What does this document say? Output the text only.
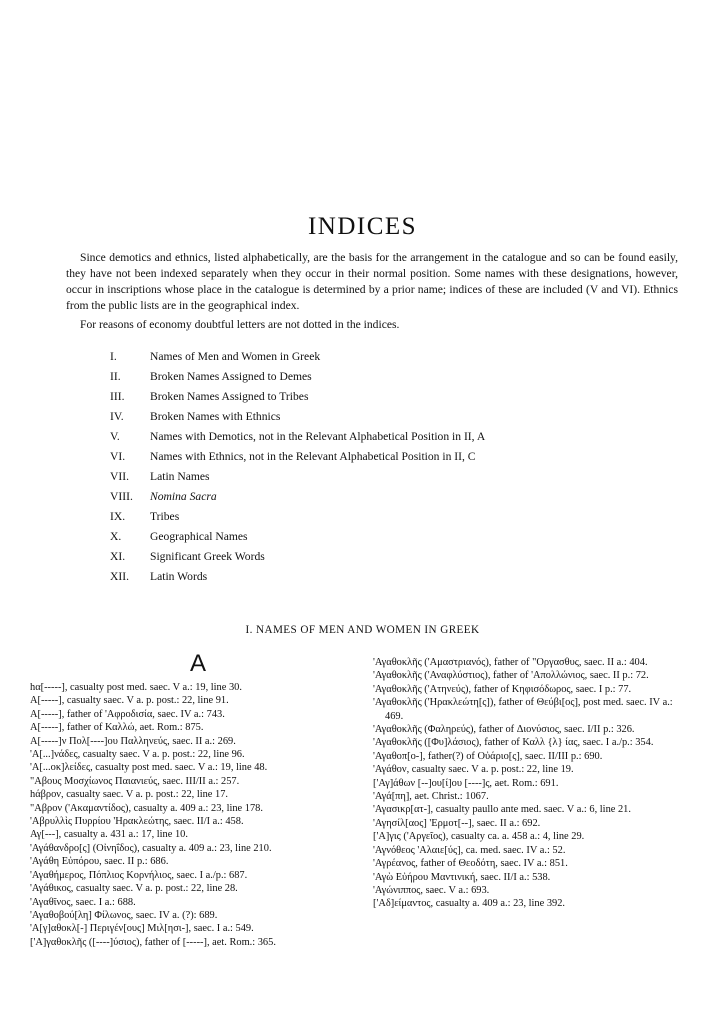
INDICES

Since demotics and ethnics, listed alphabetically, are the basis for the arrangement in the catalogue and so can be found easily, they have not been indexed separately when they occur in their normal position. Some names with these designations, however, occur in inscriptions whose place in the catalogue is determined by a prior name; indices of these are included (V and VI). Ethnics from the public lists are in the geographical index.

For reasons of economy doubtful letters are not dotted in the indices.

I.	Names of Men and Women in Greek
II.	Broken Names Assigned to Demes
III. Broken Names Assigned to Tribes
IV. Broken Names with Ethnics
V.	Names with Demotics, not in the Relevant Alphabetical Position in II, A
VI. Names with Ethnics, not in the Relevant Alphabetical Position in II, C
VII. Latin Names
VIII. Nomina Sacra
IX. Tribes
X. Geographical Names
XI. Significant Greek Words
XII. Latin Words
I. NAMES OF MEN AND WOMEN IN GREEK
A
hα[-----], casualty post med. saec. V a.: 19, line 30.
A[-----], casualty saec. V a. p. post.: 22, line 91.
A[-----], father of 'Αφροδισία, saec. IV a.: 743.
A[-----], father of Καλλώ, aet. Rom.: 875.
A[-----]ν Πολ[----]ου Παλληνεύς, saec. II a.: 269.
'A[...]νάδες, casualty saec. V a. p. post.: 22, line 96.
'A[...οκ]λείδες, casualty post med. saec. V a.: 19, line 48.
"Αβους Μοσχίωνος Παιανιεύς, saec. III/II a.: 257.
hάβρον, casualty saec. V a. p. post.: 22, line 17.
"Αβρον ('Ακαμαντίδος), casualty a. 409 a.: 23, line 178.
'Αβρυλλὶς Πυρρίου 'Ηρακλεώτης, saec. II/I a.: 458.
Αγ[---], casualty a. 431 a.: 17, line 10.
'Αγάθανδρο[ς] (Οἰνηΐδος), casualty a. 409 a.: 23, line 210.
'Αγάθη Εὐπόρου, saec. II p.: 686.
'Αγαθήμερος, Πόπλιος Κορνήλιος, saec. I a./p.: 687.
'Αγάθικος, casualty saec. V a. p. post.: 22, line 28.
'Αγαθῖνος, saec. I a.: 688.
'Αγαθοβού[λη] Φίλωνος, saec. IV a. (?): 689.
'Α[γ]αθοκλ[-] Περιγέν[ους] Μιλ[ησι-], saec. I a.: 549.
['Α]γαθοκλῆς ([----]ύσιος), father of [-----], aet. Rom.: 365.
'Αγαθοκλῆς ('Αμαστριανός), father of "Οργασθυς, saec. II a.: 404.
'Αγαθοκλῆς ('Αναφλύστιος), father of 'Απολλώνιος, saec. II p.: 72.
'Αγαθοκλῆς ('Ατηνεύς), father of Κηφισόδωρος, saec. I p.: 77.
'Αγαθοκλῆς ('Ηρακλεώτη[ς]), father of Θεύβι[ος], post med. saec. IV a.: 469.
'Αγαθοκλῆς (Φαληρεύς), father of Διονύσιος, saec. I/II p.: 326.
'Αγαθοκλῆς ([Φυ]λάσιος), father of Καλλ {λ} ίας, saec. I a./p.: 354.
'Αγαθοπ[ο-], father(?) of Οὐάριο[ς], saec. II/III p.: 690.
'Αγάθον, casualty saec. V a. p. post.: 22, line 19.
['Αγ]άθων [--]ου[ί]ου [----]ς, aet. Rom.: 691.
'Αγά[πη], aet. Christ.: 1067.
'Αγασικρ[ατ-], casualty paullo ante med. saec. V a.: 6, line 21.
'Αγησίλ[αος] 'Ερμοτ[--], saec. II a.: 692.
['Α]γις ('Αργεῖος), casualty ca. a. 458 a.: 4, line 29.
'Αγνόθεος 'Αλαιε[ύς], ca. med. saec. IV a.: 52.
'Αγρέανος, father of Θεοδότη, saec. IV a.: 851.
'Αγὼ Εὐήρου Μαντινική, saec. II/I a.: 538.
'Αγώνιππος, saec. V a.: 693.
['Αδ]είμαντος, casualty a. 409 a.: 23, line 392.
